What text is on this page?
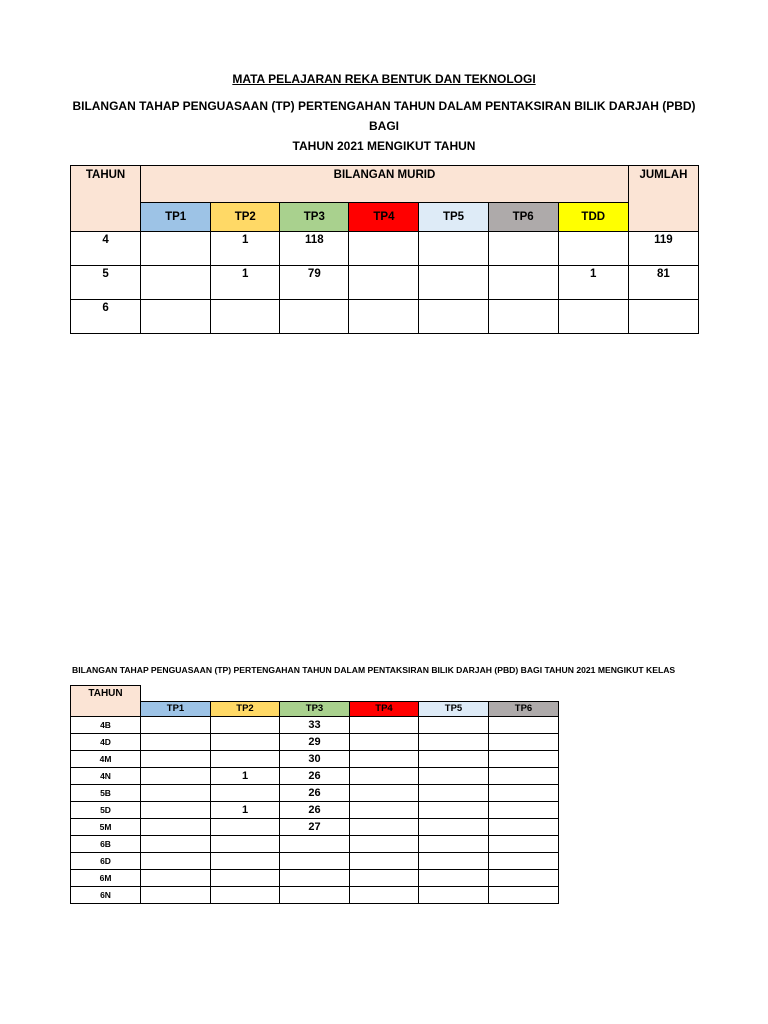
MATA PELAJARAN REKA BENTUK DAN TEKNOLOGI
BILANGAN TAHAP PENGUASAAN (TP) PERTENGAHAN TAHUN DALAM PENTAKSIRAN BILIK DARJAH (PBD) BAGI
TAHUN 2021 MENGIKUT TAHUN
TAHUN	BILANGAN MURID							JUMLAH
	TP1	TP2	TP3	TP4	TP5	TP6	TDD	
4		1	118					119
5		1	79				1	81
6								
BILANGAN TAHAP PENGUASAAN (TP) PERTENGAHAN TAHUN DALAM PENTAKSIRAN BILIK DARJAH (PBD) BAGI TAHUN 2021 MENGIKUT KELAS
TAHUN						
	TP1	TP2	TP3	TP4	TP5	TP6
4B			33			
4D			29			
4M			30			
4N		1	26			
5B			26			
5D		1	26			
5M			27			
6B						
6D						
6M						
6N						
